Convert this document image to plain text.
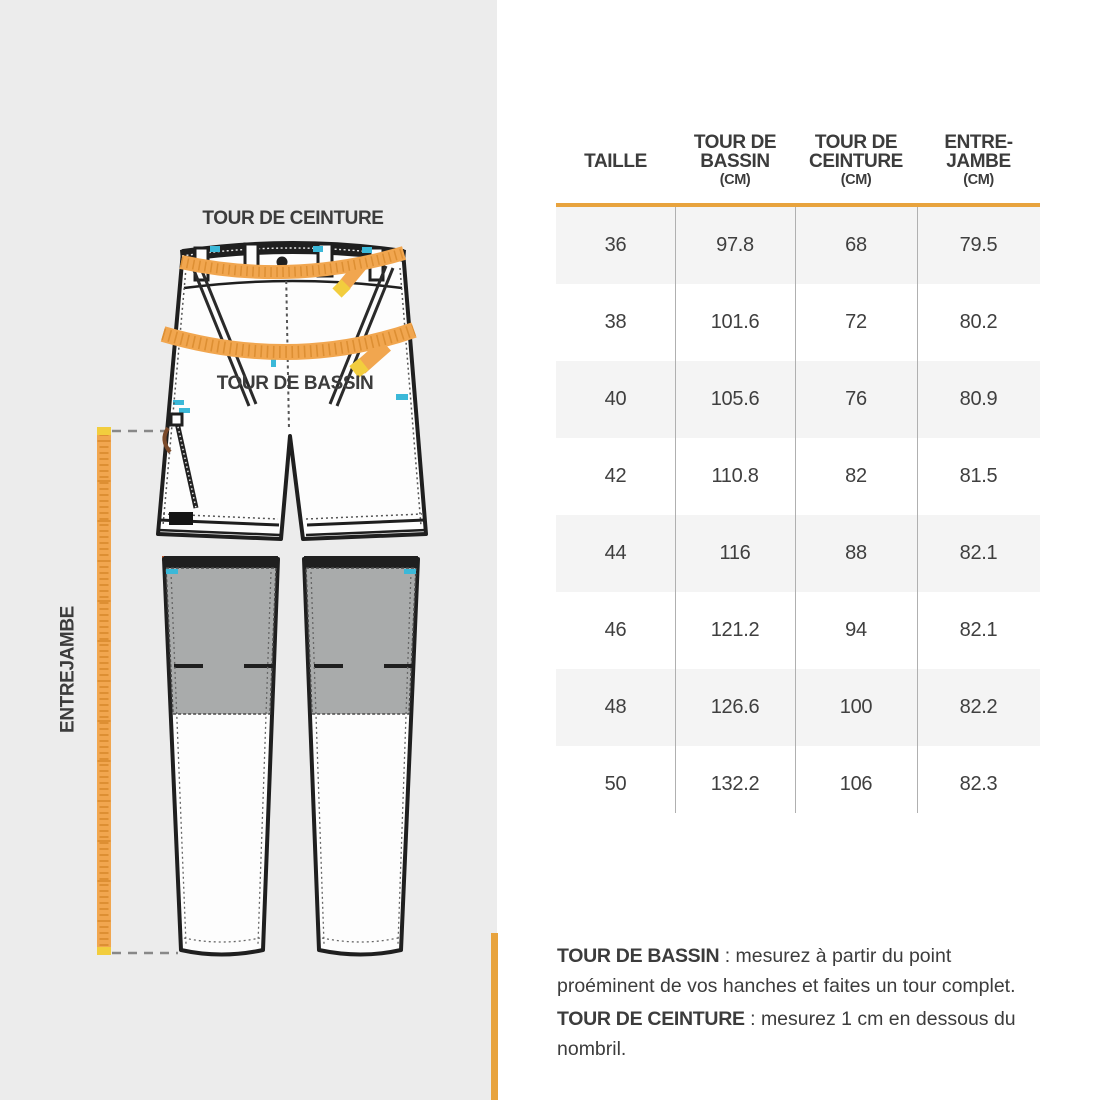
TOUR DE CEINTURE
TOUR DE BASSIN
ENTREJAMBE
TAILLE
TOUR DE
BASSIN
(CM)
TOUR DE
CEINTURE
(CM)
ENTRE-
JAMBE
(CM)
36	97.8	68	79.5
38	101.6	72	80.2
40	105.6	76	80.9
42	110.8	82	81.5
44	116	88	82.1
46	121.2	94	82.1
48	126.6	100	82.2
50	132.2	106	82.3

TOUR DE BASSIN : mesurez à partir du point proéminent de vos hanches et faites un tour complet.

TOUR DE CEINTURE : mesurez 1 cm en dessous du nombril.
